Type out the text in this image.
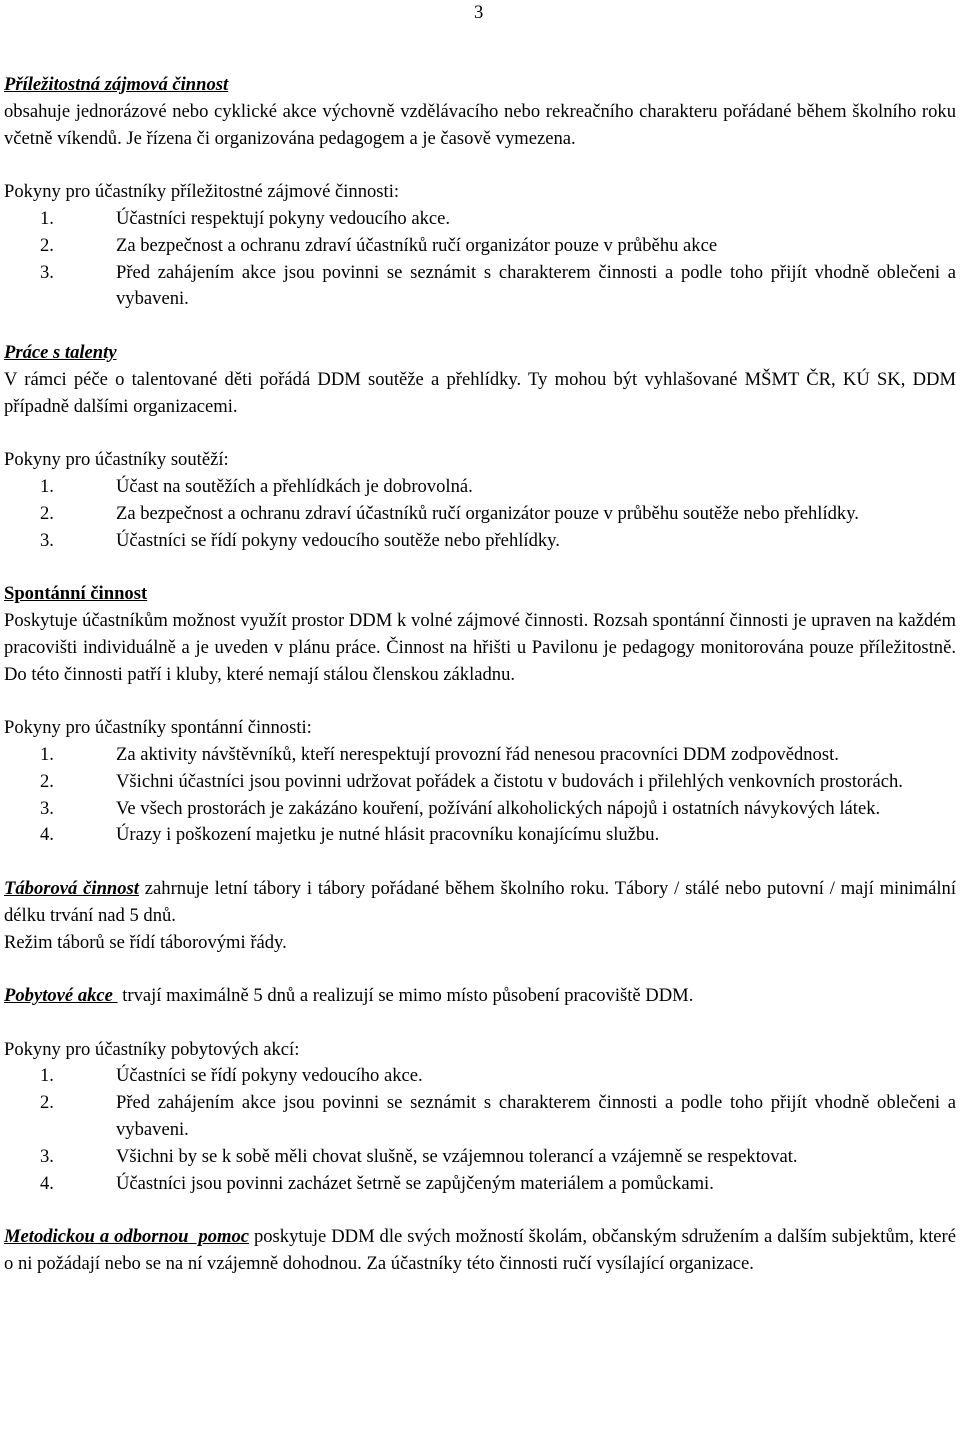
3

Příležitostná zájmová činnost

obsahuje jednorázové nebo cyklické akce výchovně vzdělávacího nebo rekreačního charakteru pořádané během školního roku včetně víkendů. Je řízena či organizována pedagogem a je časově vymezena.

Pokyny pro účastníky příležitostné zájmové činnosti:

1.	Účastníci respektují pokyny vedoucího akce.
2.	Za bezpečnost a ochranu zdraví účastníků ručí organizátor pouze v průběhu akce
3.	Před zahájením akce jsou povinni se seznámit s charakterem činnosti a podle toho přijít vhodně oblečeni a vybaveni.

Práce s talenty

V rámci péče o talentované děti pořádá DDM soutěže a přehlídky. Ty mohou být vyhlašované MŠMT ČR, KÚ SK, DDM případně dalšími organizacemi.

Pokyny pro účastníky soutěží:

1.	Účast na soutěžích a přehlídkách je dobrovolná.
2.	Za bezpečnost a ochranu zdraví účastníků ručí organizátor pouze v průběhu soutěže nebo přehlídky.
3.	Účastníci se řídí pokyny vedoucího soutěže nebo přehlídky.

Spontánní činnost

Poskytuje účastníkům možnost využít prostor DDM k volné zájmové činnosti. Rozsah spontánní činnosti je upraven na každém pracovišti individuálně a je uveden v plánu práce. Činnost na hřišti u Pavilonu je pedagogy monitorována pouze příležitostně. Do této činnosti patří i kluby, které nemají stálou členskou základnu.

Pokyny pro účastníky spontánní činnosti:

1.	Za aktivity návštěvníků, kteří nerespektují provozní řád nenesou pracovníci DDM zodpovědnost.
2.	Všichni účastníci jsou povinni udržovat pořádek a čistotu v budovách i přilehlých venkovních prostorách.
3.	Ve všech prostorách je zakázáno kouření, požívání alkoholických nápojů i ostatních návykových látek.
4.	Úrazy i poškození majetku je nutné hlásit pracovníku konajícímu službu.

Táborová činnost zahrnuje letní tábory i tábory pořádané během školního roku. Tábory / stálé nebo putovní / mají minimální délku trvání nad 5 dnů.

Režim táborů se řídí táborovými řády.

Pobytové akce  trvají maximálně 5 dnů a realizují se mimo místo působení pracoviště DDM.

Pokyny pro účastníky pobytových akcí:

1.	Účastníci se řídí pokyny vedoucího akce.
2.	Před zahájením akce jsou povinni se seznámit s charakterem činnosti a podle toho přijít vhodně oblečeni a vybaveni.
3.	Všichni by se k sobě měli chovat slušně, se vzájemnou tolerancí a vzájemně se respektovat.
4.	Účastníci jsou povinni zacházet šetrně se zapůjčeným materiálem a pomůckami.

Metodickou a odbornou  pomoc poskytuje DDM dle svých možností školám, občanským sdružením a dalším subjektům, které o ni požádají nebo se na ní vzájemně dohodnou. Za účastníky této činnosti ručí vysílající organizace.
